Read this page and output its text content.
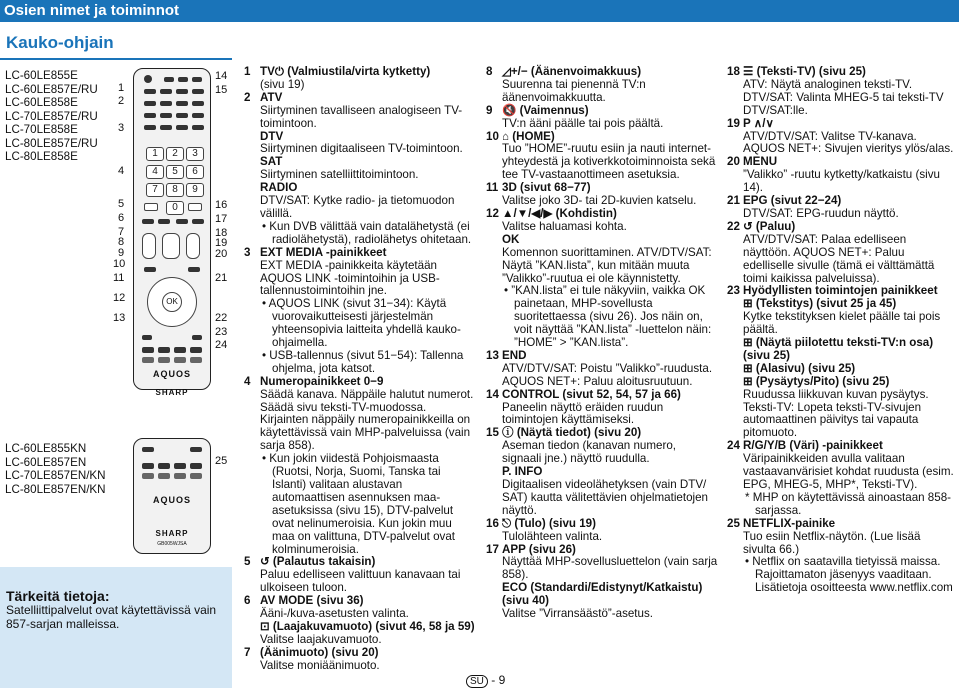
Osien nimet ja toiminnot
Kauko-ohjain
LC-60LE855E
LC-60LE857E/RU
LC-60LE858E
LC-70LE857E/RU
LC-70LE858E
LC-80LE857E/RU
LC-80LE858E
LC-60LE855KN
LC-60LE857EN
LC-70LE857EN/KN
LC-80LE857EN/KN
Tärkeitä tietoja:
Satelliittipalvelut ovat käytettävissä vain 857-sarjan malleissa.
1	2	3
4	5	6
7	8	9
0
OK
AQUOS
SHARP
AQUOS
SHARP
GB005WJSA
1
2
3
4
5
6
7
8
9
10
11
12
13
14
15
16
17
18
19
20
21
22
23
24
25
1 TV⏻ (Valmiustila/virta kytketty)
(sivu 19)
2 ATV
Siirtyminen tavalliseen analogiseen TV-toimintoon.
DTV
Siirtyminen digitaaliseen TV-toimintoon.
SAT
Siirtyminen satelliittitoimintoon.
RADIO
DTV/SAT: Kytke radio- ja tietomuodon välillä.
• Kun DVB välittää vain datalähetystä (ei radiolähetystä), radiolähetys ohitetaan.
3 EXT MEDIA -painikkeet
EXT MEDIA -painikkeita käytetään AQUOS LINK -toimintoihin ja USB-tallennustoimintoihin jne.
• AQUOS LINK (sivut 31−34): Käytä vuorovaikutteisesti järjestelmän yhteensopivia laitteita yhdellä kauko-ohjaimella.
• USB-tallennus (sivut 51−54): Tallenna ohjelma, jota katsot.
4 Numeropainikkeet 0−9
Säädä kanava. Näppäile halutut numerot. Säädä sivu teksti-TV-muodossa. Kirjainten näppäily numeropainikkeilla on käytettävissä vain MHP-palveluissa (vain sarja 858).
• Kun jokin viidestä Pohjoismaasta (Ruotsi, Norja, Suomi, Tanska tai Islanti) valitaan alustavan automaattisen asennuksen maa-asetuksissa (sivu 15), DTV-palvelut ovat nelinumeroisia. Kun jokin muu maa on valittuna, DTV-palvelut ovat kolminumeroisia.
5 ↺ (Palautus takaisin)
Paluu edelliseen valittuun kanavaan tai ulkoiseen tuloon.
6 AV MODE (sivu 36)
Ääni-/kuva-asetusten valinta.
⊡ (Laajakuvamuoto) (sivut 46, 58 ja 59)
Valitse laajakuvamuoto.
7 (Äänimuoto) (sivu 20)
Valitse moniäänimuoto.
8 ◿+/− (Äänenvoimakkuus)
Suurenna tai pienennä TV:n äänenvoimakkuutta.
9 🔇 (Vaimennus)
TV:n ääni päälle tai pois päältä.
10 ⌂ (HOME)
Tuo ”HOME”-ruutu esiin ja nauti internet-yhteydestä ja kotiverkkotoiminnoista sekä tee TV-vastaanottimeen asetuksia.
11 3D (sivut 68−77)
Valitse joko 3D- tai 2D-kuvien katselu.
12 ▲/▼/◀/▶ (Kohdistin)
Valitse haluamasi kohta.
OK
Komennon suorittaminen. ATV/DTV/SAT: Näytä ”KAN.lista”, kun mitään muuta ”Valikko”-ruutua ei ole käynnistetty.
• ”KAN.lista” ei tule näkyviin, vaikka OK painetaan, MHP-sovellusta suoritettaessa (sivu 26). Jos näin on, voit näyttää ”KAN.lista” -luettelon näin: ”HOME” > ”KAN.lista”.
13 END
ATV/DTV/SAT: Poistu ”Valikko”-ruudusta. AQUOS NET+: Paluu aloitusruutuun.
14 CONTROL (sivut 52, 54, 57 ja 66)
Paneelin näyttö eräiden ruudun toimintojen käyttämiseksi.
15 ⓘ (Näytä tiedot) (sivu 20)
Aseman tiedon (kanavan numero, signaali jne.) näyttö ruudulla.
P. INFO
Digitaalisen videolähetyksen (vain DTV/ SAT) kautta välitettävien ohjelmatietojen näyttö.
16 ⎋ (Tulo) (sivu 19)
Tulolähteen valinta.
17 APP (sivu 26)
Näyttää MHP-sovellusluettelon (vain sarja 858).
ECO (Standardi/Edistynyt/Katkaistu) (sivu 40)
Valitse ”Virransäästö”-asetus.
18 ☰ (Teksti-TV) (sivu 25)
ATV: Näytä analoginen teksti-TV. DTV/SAT: Valinta MHEG-5 tai teksti-TV DTV/SAT:lle.
19 P ∧/∨
ATV/DTV/SAT: Valitse TV-kanava. AQUOS NET+: Sivujen vieritys ylös/alas.
20 MENU
”Valikko” -ruutu kytketty/katkaistu (sivu 14).
21 EPG (sivut 22−24)
DTV/SAT: EPG-ruudun näyttö.
22 ↺ (Paluu)
ATV/DTV/SAT: Palaa edelliseen näyttöön. AQUOS NET+: Paluu edelliselle sivulle (tämä ei välttämättä toimi kaikissa palveluissa).
23 Hyödyllisten toimintojen painikkeet
⊞ (Tekstitys) (sivut 25 ja 45)
Kytke tekstityksen kielet päälle tai pois päältä.
⊞ (Näytä piilotettu teksti-TV:n osa) (sivu 25)
⊞ (Alasivu) (sivu 25)
⊞ (Pysäytys/Pito) (sivu 25)
Ruudussa liikkuvan kuvan pysäytys. Teksti-TV: Lopeta teksti-TV-sivujen automaattinen päivitys tai vapauta pitomuoto.
24 R/G/Y/B (Väri) -painikkeet
Väripainikkeiden avulla valitaan vastaavanvärisiet kohdat ruudusta (esim. EPG, MHEG-5, MHP*, Teksti-TV).
* MHP on käytettävissä ainoastaan 858-sarjassa.
25 NETFLIX-painike
Tuo esiin Netflix-näytön. (Lue lisää sivulta 66.)
• Netflix on saatavilla tietyissä maissa. Rajoittamaton jäsenyys vaaditaan. Lisätietoja osoitteesta www.netflix.com
SU - 9
